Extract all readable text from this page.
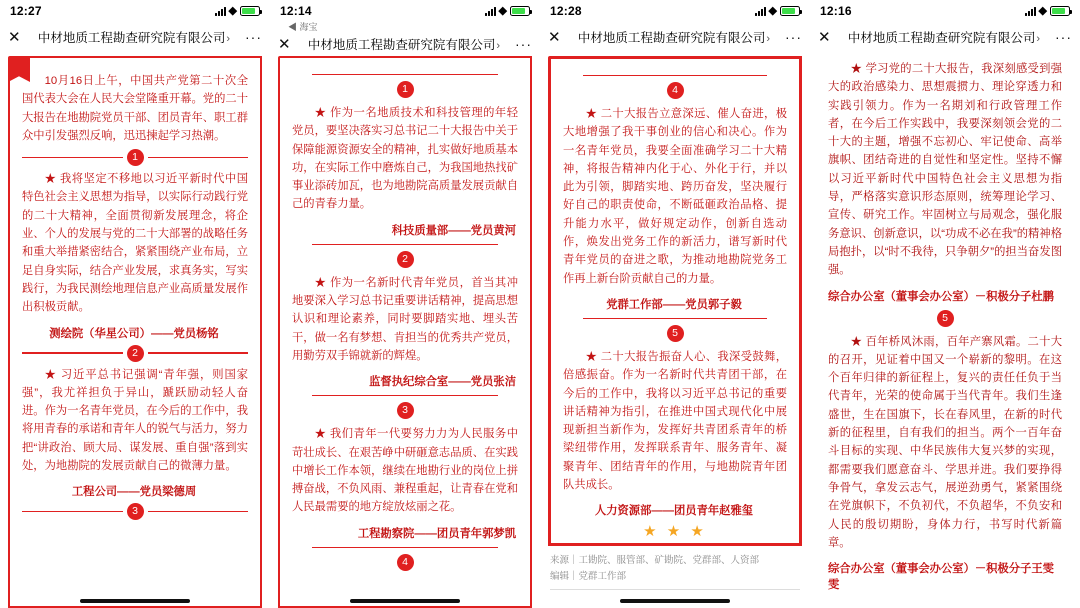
12:27	◆
✕	中材地质工程勘查研究院有限公司›	···

10月16日上午，中国共产党第二十次全国代表大会在人民大会堂隆重开幕。党的二十大报告在地勘院党员干部、团员青年、职工群众中引发强烈反响，迅迅揀起学习热潮。

1

★ 我将坚定不移地以习近平新时代中国特色社会主义思想为指导，以实际行动践行党的二十大精神，全面贯彻新发展理念，将企业、个人的发展与党的二十大部署的战略任务和重大举措紧密结合，紧紧围绕产业布局，立足自身实际，结合产业发展，求真务实，写实践行，为我民测绘地理信息产业高质量发展作出积极贡献。

测绘院（华星公司）——党员杨铭

2

★ 习近平总书记强调“青年强，则国家强”，我尤祥担负于异山，蹏跃励动轻人奋进。作为一名青年党员，在今后的工作中，我将用青春的承诺和青年人的锐气与活力，努力把“讲政治、顾大局、谋发展、重自强”落到实处，为地勘院的发展贡献自己的微薄力量。

工程公司——党员梁德周

3
12:14	◆
◀ 海宝
✕	中材地质工程勘查研究院有限公司›	···
1

★ 作为一名地质技术和科技管理的年轻党员，要坚决落实习总书记二十大报告中关于保障能源资源安全的精神，扎实做好地质基本功，在实际工作中磨炼自己，为我国地热找矿事业添砖加瓦，也为地勘院高质量发展贡献自己的青春力量。

科技质量部——党员黄河

2

★ 作为一名新时代青年党员，首当其冲地要深入学习总书记重要讲话精神，提高思想认识和理论素养，同时要脚踏实地、埋头苦干，做一名有梦想、肯担当的优秀共产党员，用勤劳双手锦就新的辉煌。

监督执纪综合室——党员张洁

3

★ 我们青年一代要努力力为人民服务中苛壮成长、在艰苦峥中研砸意志品质、在实践中增长工作本领，继续在地勘行业的岗位上拼搏奋战，不负风雨、兼程重起，让青春在党和人民最需要的地方绽放炫丽之花。

工程勘察院——团员青年郭梦凯

4
12:28	◆
✕	中材地质工程勘查研究院有限公司›	···
4

★ 二十大报告立意深远、催人奋进，极大地增强了我干事创业的信心和决心。作为一名青年党员，我要全面准确学习二十大精神，将报告精神内化于心、外化于行，并以此为引领，脚踏实地、跨历奋发，坚决履行好自己的职责使命，不断砥砸政治品格、提升能力水平，做好规定动作，创新自选动作，焕发出党务工作的新活力，谱写新时代青年党员的奋进之歌，为推动地勘院党务工作再上新台阶贡献自己的力量。

党群工作部——党员郭子毅

5

★ 二十大报告振奋人心、我深受鼓舞，倍感振奋。作为一名新时代共青团干部，在今后的工作中，我将以习近平总书记的重要讲话精神为指引，在推进中国式现代化中展现新担当新作为，发挥好共青团系青年的桥梁纽带作用，发挥联系青年、服务青年、凝聚青年、团结青年的作用，与地勘院青年团队共成长。

人力资源部——团员青年赵雅玺

★ ★ ★
来源｜工勘院、服管部、矿勘院、党群部、人资部
编辑｜党群工作部
12:16	◆
✕	中材地质工程勘查研究院有限公司›	···

★ 学习党的二十大报告，我深刻感受到强大的政治感染力、思想震掼力、理论穿透力和实践引领力。作为一名期刘和行政管理工作者，在今后工作实践中，我要深刻领会党的二十大的主题，增强不忘初心、牢记使命、高举旗帜、团结奇进的自觉性和坚定性。坚持不懈以习近平新时代中国特色社会主义思想为指导，严格落实意识形态原则，统筹理论学习、宣传、研究工作。牢固树立与局观念，强化服务意识、创新意识，以“功成不必在我”的精神格局抱扑，以“时不我待，只争朝夕”的担当奋发图强。

综合办公室（董事会办公室）－积极分子杜鹏

5

★ 百年桥风沐雨，百年产寨风霜。二十大的召开，见证着中国又一个崭新的黎明。在这个百年归律的新征程上，复兴的责任任负于当代青年，光荣的使命属于当代青年。我们生逢盛世，生在国旗下，长在春风里，在新的时代新的征程里，自有我们的担当。两个一百年奋斗目标的实现、中华民族伟大复兴梦的实现，都需要我们愿意奋斗、学思并进。我们要挣得争骨气，拿发云志气，展逆劲勇气，紧紧围绕在党旗帜下，不负初代，不负超华，不负安和人民的殷切期盼，身体力行，书写时代新篇章。

综合办公室（董事会办公室）－积极分子王雯雯
